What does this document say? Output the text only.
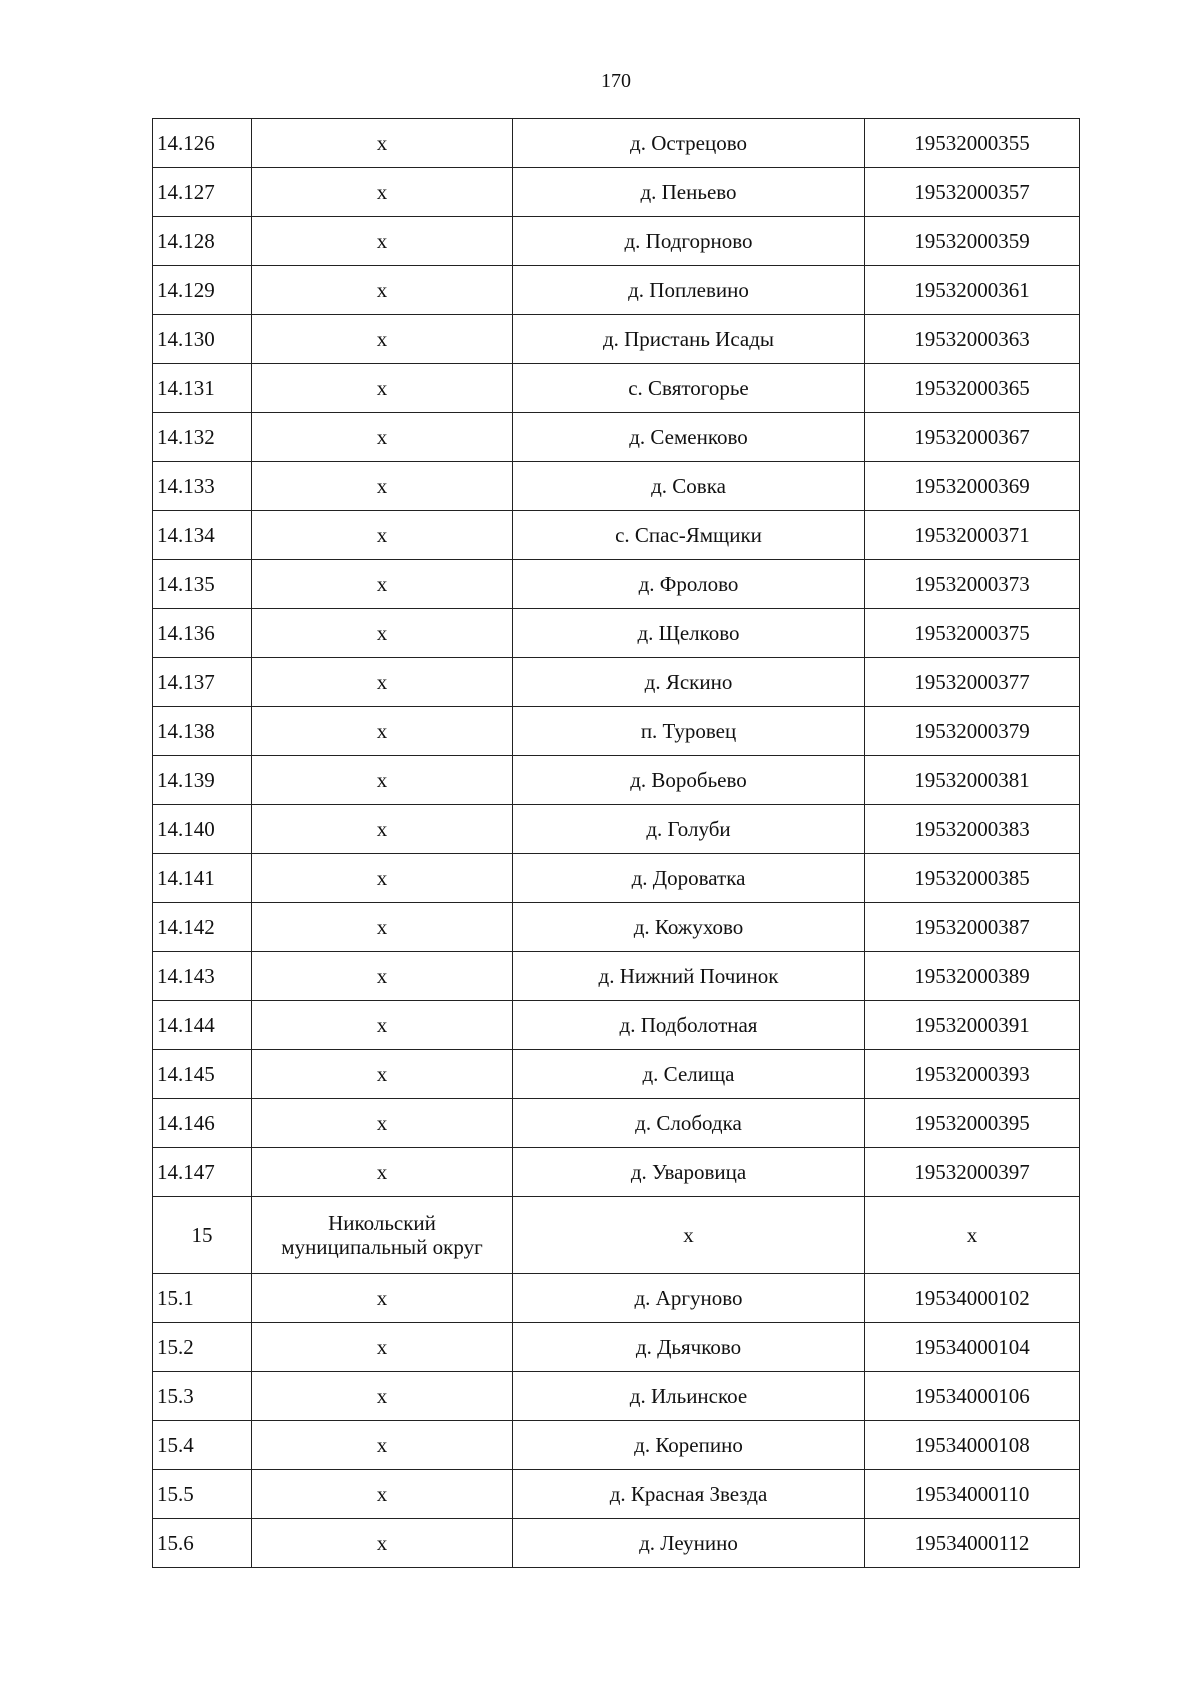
170
14.126	х	д. Острецово	19532000355
14.127	х	д. Пеньево	19532000357
14.128	х	д. Подгорново	19532000359
14.129	х	д. Поплевино	19532000361
14.130	х	д. Пристань Исады	19532000363
14.131	х	с. Святогорье	19532000365
14.132	х	д. Семенково	19532000367
14.133	х	д. Совка	19532000369
14.134	х	с. Спас-Ямщики	19532000371
14.135	х	д. Фролово	19532000373
14.136	х	д. Щелково	19532000375
14.137	х	д. Яскино	19532000377
14.138	х	п. Туровец	19532000379
14.139	х	д. Воробьево	19532000381
14.140	х	д. Голуби	19532000383
14.141	х	д. Дороватка	19532000385
14.142	х	д. Кожухово	19532000387
14.143	х	д. Нижний Починок	19532000389
14.144	х	д. Подболотная	19532000391
14.145	х	д. Селища	19532000393
14.146	х	д. Слободка	19532000395
14.147	х	д. Уваровица	19532000397
15	Никольский
муниципальный округ	х	х
15.1	х	д. Аргуново	19534000102
15.2	х	д. Дьячково	19534000104
15.3	х	д. Ильинское	19534000106
15.4	х	д. Корепино	19534000108
15.5	х	д. Красная Звезда	19534000110
15.6	х	д. Леунино	19534000112
